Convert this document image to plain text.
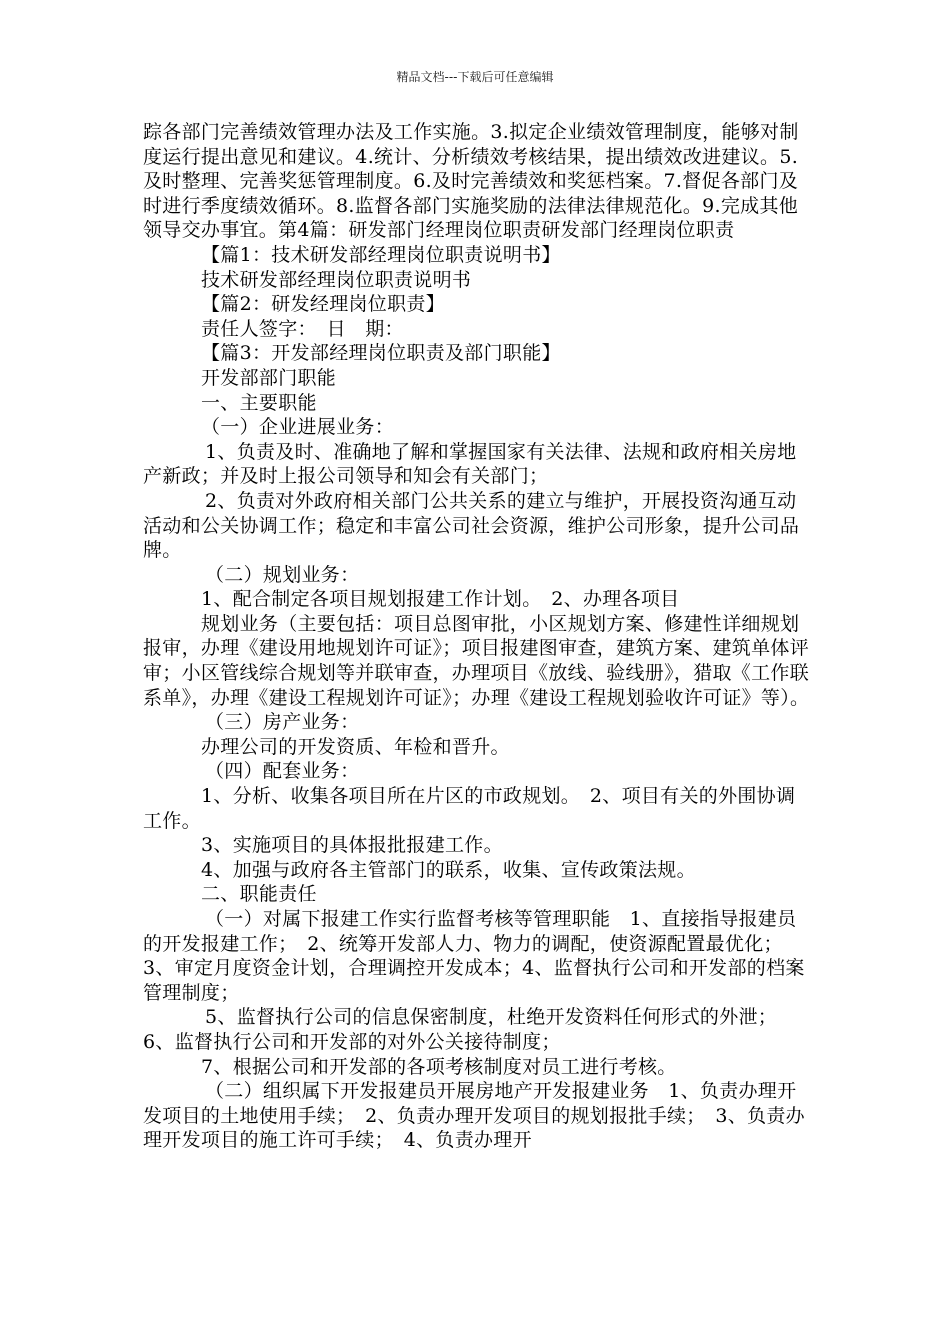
精品文档---下载后可任意编辑

踪各部门完善绩效管理办法及工作实施。3.拟定企业绩效管理制度，能够对制度运行提出意见和建议。4.统计、分析绩效考核结果，提出绩效改进建议。5.及时整理、完善奖惩管理制度。6.及时完善绩效和奖惩档案。7.督促各部门及时进行季度绩效循环。8.监督各部门实施奖励的法律法律规范化。9.完成其他领导交办事宜。第4篇：研发部门经理岗位职责研发部门经理岗位职责

【篇1：技术研发部经理岗位职责说明书】

技术研发部经理岗位职责说明书

【篇2：研发经理岗位职责】

责任人签字：　日　期：

【篇3：开发部经理岗位职责及部门职能】

开发部部门职能

一、主要职能

（一）企业进展业务：

1、负责及时、准确地了解和掌握国家有关法律、法规和政府相关房地产新政；并及时上报公司领导和知会有关部门；

2、负责对外政府相关部门公共关系的建立与维护，开展投资沟通互动活动和公关协调工作；稳定和丰富公司社会资源，维护公司形象，提升公司品牌。

（二）规划业务：

1、配合制定各项目规划报建工作计划。　2、办理各项目

规划业务（主要包括：项目总图审批，小区规划方案、修建性详细规划报审，办理《建设用地规划许可证》；项目报建图审查，建筑方案、建筑单体评审；小区管线综合规划等并联审查，办理项目《放线、验线册》，猎取《工作联系单》，办理《建设工程规划许可证》；办理《建设工程规划验收许可证》等）。

（三）房产业务：

办理公司的开发资质、年检和晋升。

（四）配套业务：

1、分析、收集各项目所在片区的市政规划。　2、项目有关的外围协调工作。

3、实施项目的具体报批报建工作。

4、加强与政府各主管部门的联系，收集、宣传政策法规。

二、职能责任

（一）对属下报建工作实行监督考核等管理职能　1、直接指导报建员的开发报建工作；　2、统筹开发部人力、物力的调配，使资源配置最优化；　3、审定月度资金计划，合理调控开发成本；4、监督执行公司和开发部的档案管理制度；

5、监督执行公司的信息保密制度，杜绝开发资料任何形式的外泄；　6、监督执行公司和开发部的对外公关接待制度；

7、根据公司和开发部的各项考核制度对员工进行考核。

（二）组织属下开发报建员开展房地产开发报建业务　1、负责办理开发项目的土地使用手续；　2、负责办理开发项目的规划报批手续；　3、负责办理开发项目的施工许可手续；　4、负责办理开
